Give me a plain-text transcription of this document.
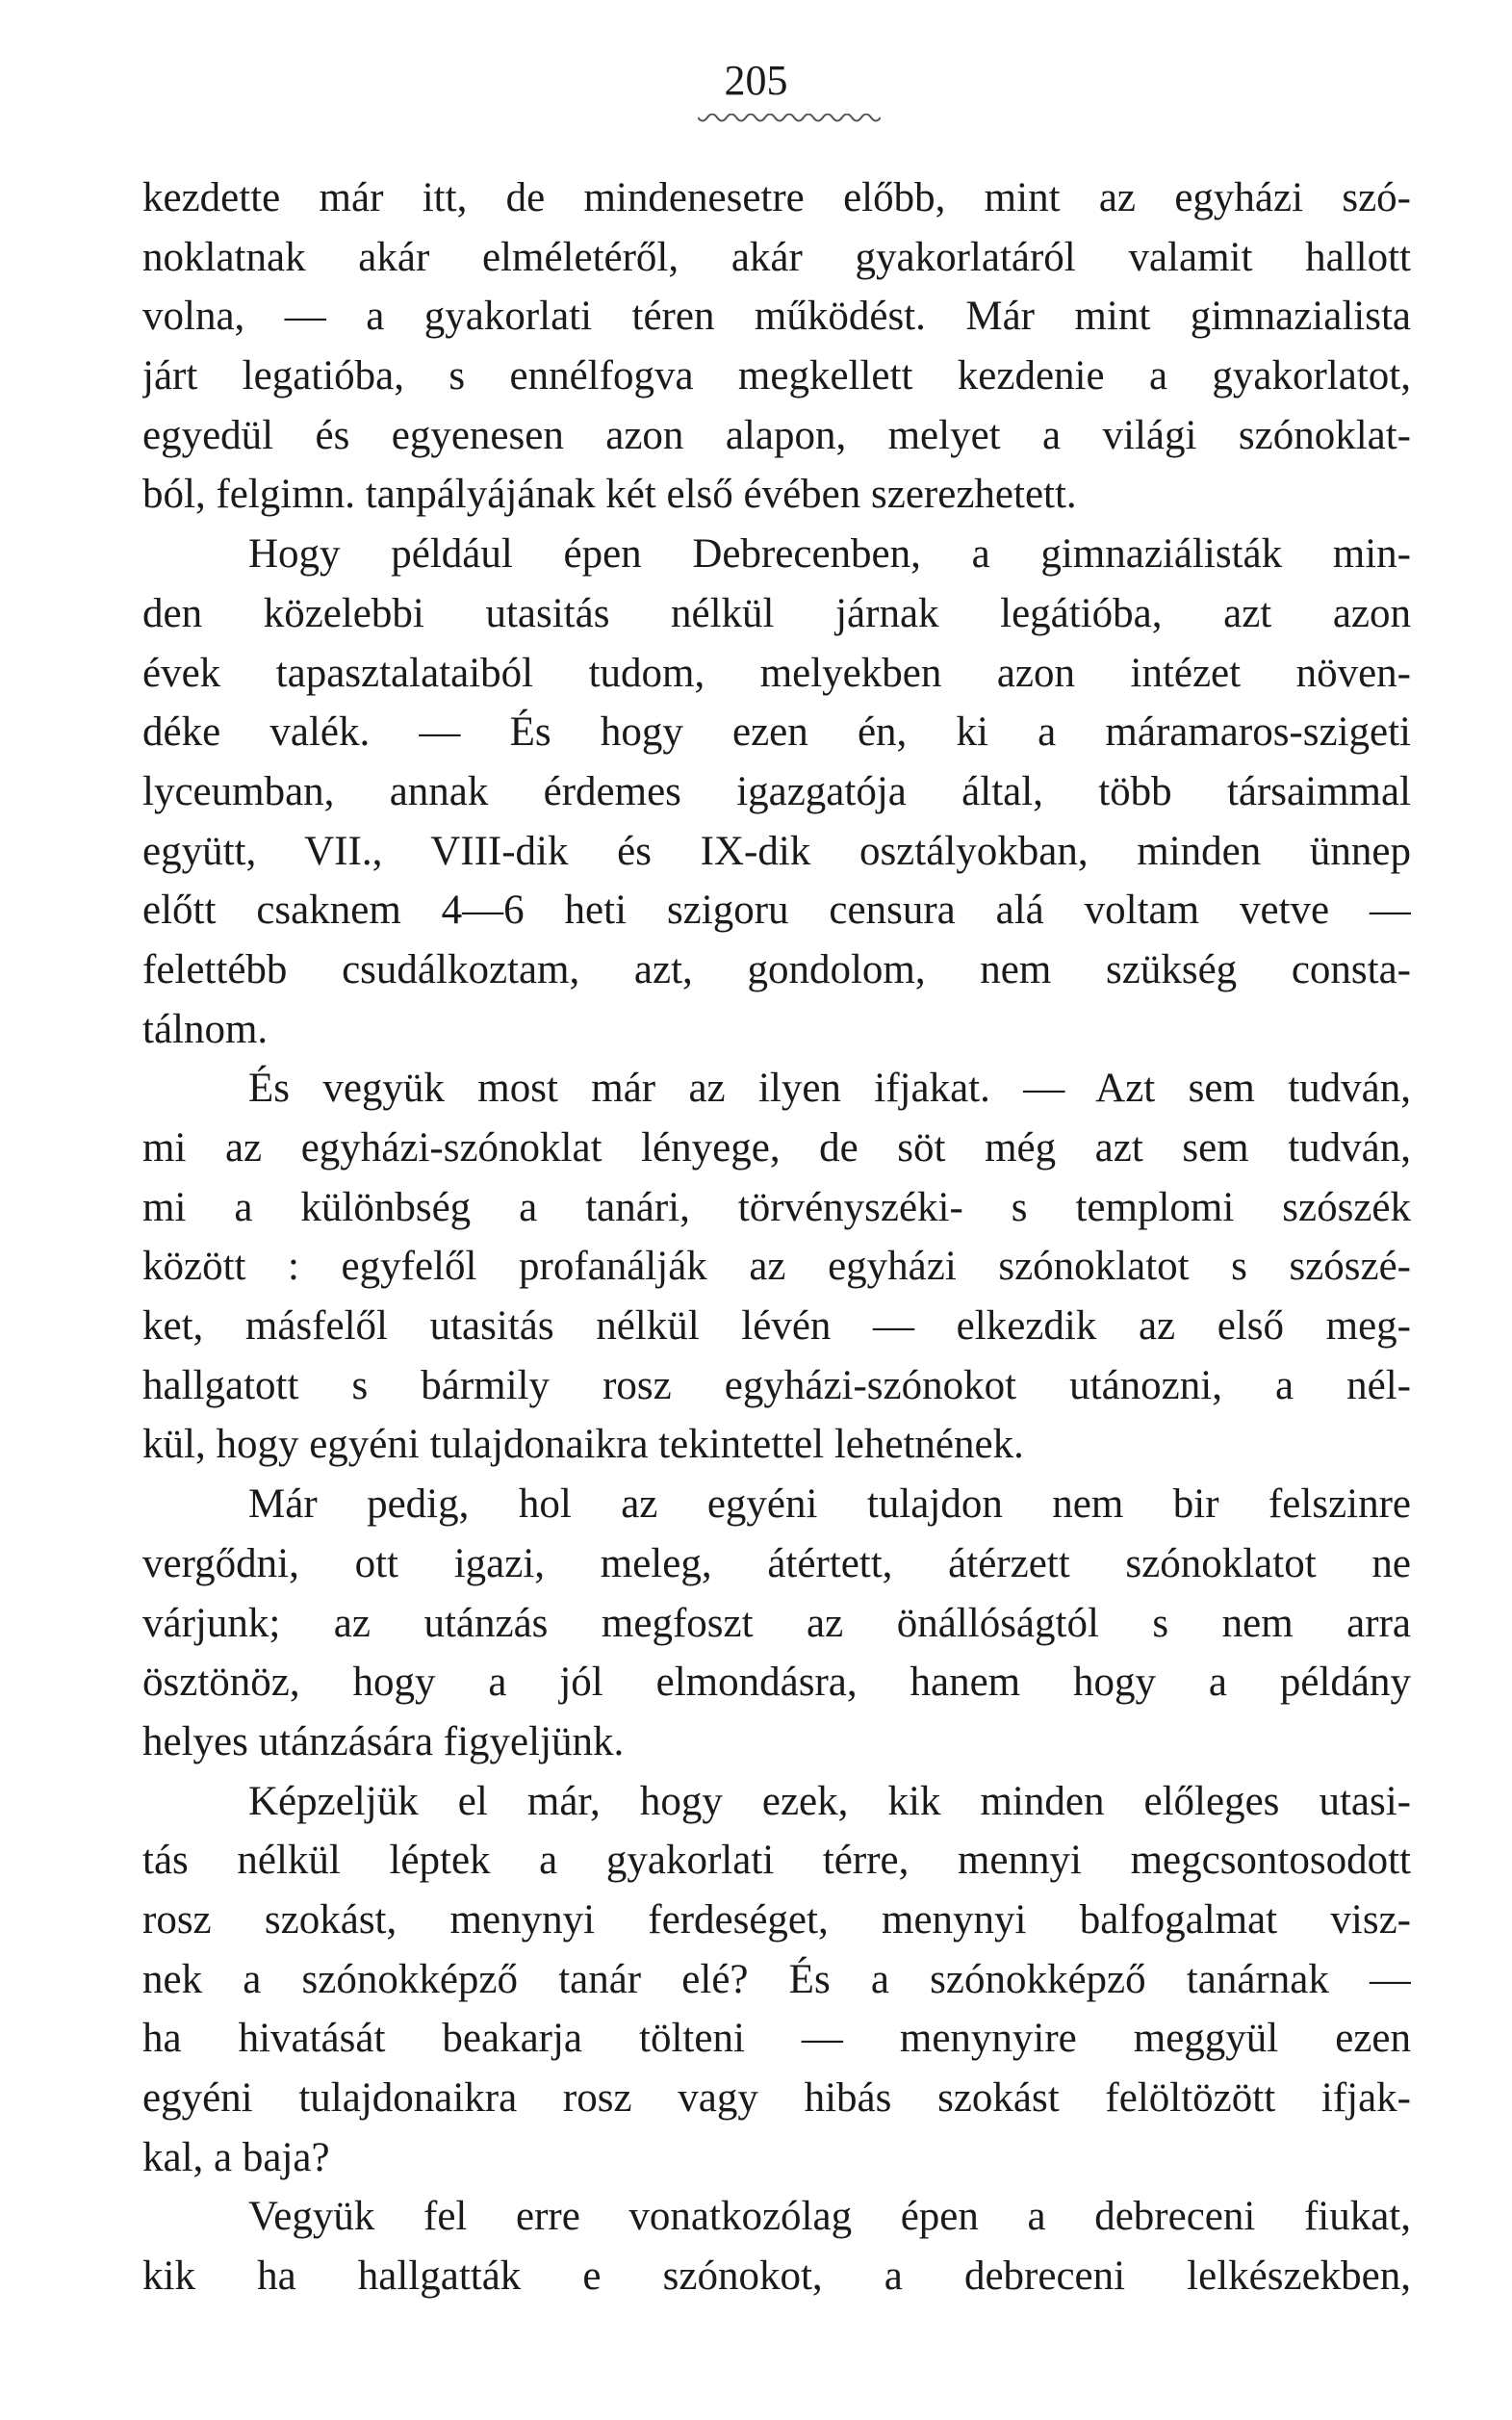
205
kezdette már itt, de mindenesetre előbb, mint az egyházi szó-
noklatnak akár elméletéről, akár gyakorlatáról valamit hallott
volna, — a gyakorlati téren működést. Már mint gimnazialista
járt legatióba, s ennélfogva megkellett kezdenie a gyakorlatot,
egyedül és egyenesen azon alapon, melyet a világi szónoklat-
ból, felgimn. tanpályájának két első évében szerezhetett.
Hogy például épen Debrecenben, a gimnaziálisták min-
den közelebbi utasitás nélkül járnak legátióba, azt azon
évek tapasztalataiból tudom, melyekben azon intézet növen-
déke valék. — És hogy ezen én, ki a máramaros-szigeti
lyceumban, annak érdemes igazgatója által, több társaimmal
együtt, VII., VIII-dik és IX-dik osztályokban, minden ünnep
előtt csaknem 4—6 heti szigoru censura alá voltam vetve —
felettébb csudálkoztam, azt, gondolom, nem szükség consta-
tálnom.
És vegyük most már az ilyen ifjakat. — Azt sem tudván,
mi az egyházi-szónoklat lényege, de söt még azt sem tudván,
mi a különbség a tanári, törvényszéki- s templomi szószék
között : egyfelől profanálják az egyházi szónoklatot s szószé-
ket, másfelől utasitás nélkül lévén — elkezdik az első meg-
hallgatott s bármily rosz egyházi-szónokot utánozni, a nél-
kül, hogy egyéni tulajdonaikra tekintettel lehetnének.
Már pedig, hol az egyéni tulajdon nem bir felszinre
vergődni, ott igazi, meleg, átértett, átérzett szónoklatot ne
várjunk; az utánzás megfoszt az önállóságtól s nem arra
ösztönöz, hogy a jól elmondásra, hanem hogy a példány
helyes utánzására figyeljünk.
Képzeljük el már, hogy ezek, kik minden előleges utasi-
tás nélkül léptek a gyakorlati térre, mennyi megcsontosodott
rosz szokást, menynyi ferdeséget, menynyi balfogalmat visz-
nek a szónokképző tanár elé? És a szónokképző tanárnak —
ha hivatását beakarja tölteni — menynyire meggyül ezen
egyéni tulajdonaikra rosz vagy hibás szokást felöltözött ifjak-
kal, a baja?
Vegyük fel erre vonatkozólag épen a debreceni fiukat,
kik ha hallgatták e szónokot, a debreceni lelkészekben,
